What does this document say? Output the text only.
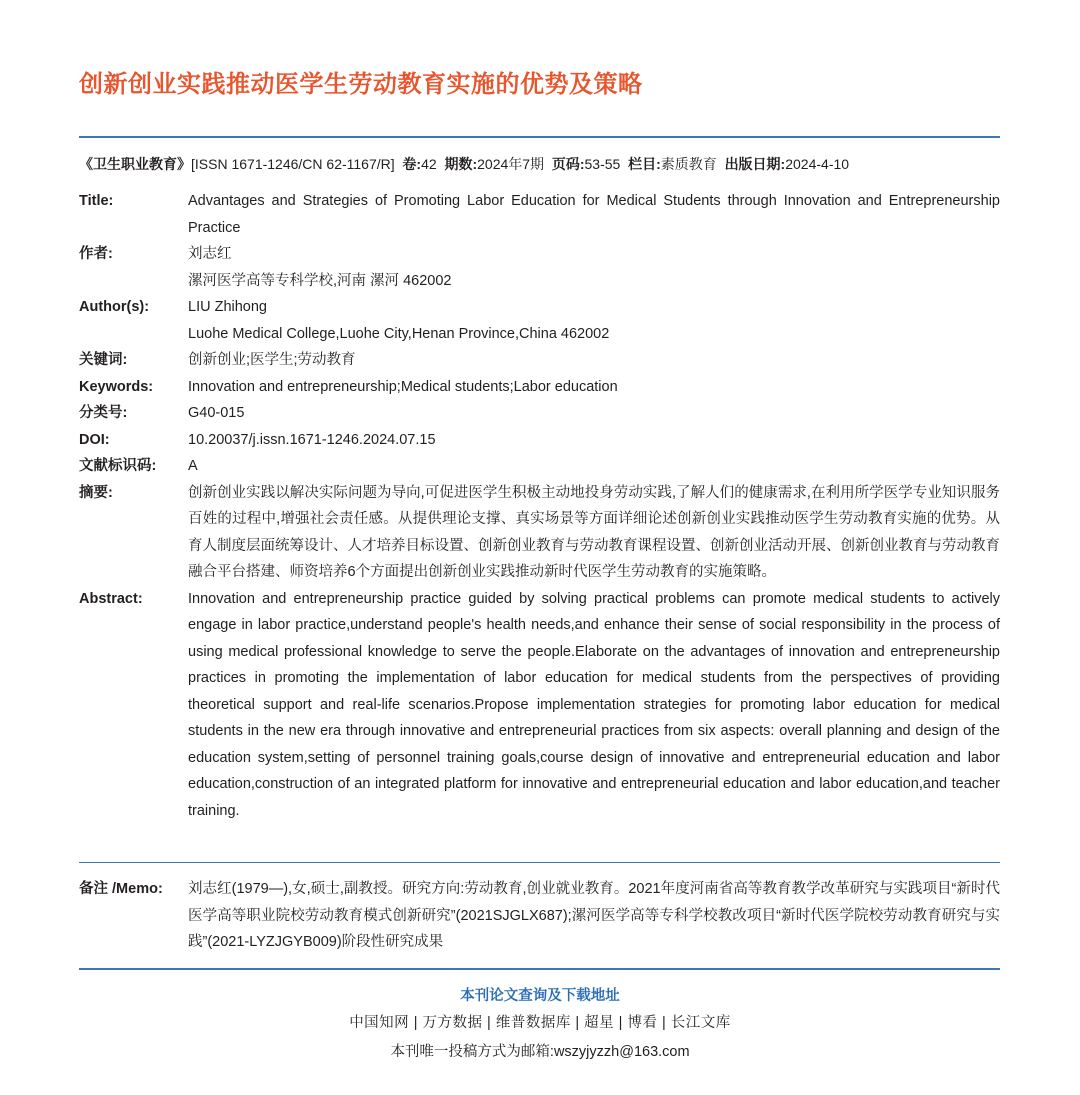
创新创业实践推动医学生劳动教育实施的优势及策略
《卫生职业教育》[ISSN 1671-1246/CN 62-1167/R] 卷:42 期数:2024年7期 页码:53-55 栏目:素质教育 出版日期:2024-4-10
Title:	Advantages and Strategies of Promoting Labor Education for Medical Students through Innovation and Entrepreneurship Practice
作者:	刘志红
漯河医学高等专科学校,河南 漯河 462002
Author(s):	LIU Zhihong
Luohe Medical College,Luohe City,Henan Province,China 462002
关键词:	创新创业;医学生;劳动教育
Keywords:	Innovation and entrepreneurship;Medical students;Labor education
分类号:	G40-015
DOI:	10.20037/j.issn.1671-1246.2024.07.15
文献标识码:	A
摘要:	创新创业实践以解决实际问题为导向,可促进医学生积极主动地投身劳动实践,了解人们的健康需求,在利用所学医学专业知识服务百姓的过程中,增强社会责任感。从提供理论支撑、真实场景等方面详细论述创新创业实践推动医学生劳动教育实施的优势。从育人制度层面统筹设计、人才培养目标设置、创新创业教育与劳动教育课程设置、创新创业活动开展、创新创业教育与劳动教育融合平台搭建、师资培养6个方面提出创新创业实践推动新时代医学生劳动教育的实施策略。
Abstract:	Innovation and entrepreneurship practice guided by solving practical problems can promote medical students to actively engage in labor practice,understand people's health needs,and enhance their sense of social responsibility in the process of using medical professional knowledge to serve the people.Elaborate on the advantages of innovation and entrepreneurship practices in promoting the implementation of labor education for medical students from the perspectives of providing theoretical support and real-life scenarios.Propose implementation strategies for promoting labor education for medical students in the new era through innovative and entrepreneurial practices from six aspects: overall planning and design of the education system,setting of personnel training goals,course design of innovative and entrepreneurial education and labor education,construction of an integrated platform for innovative and entrepreneurial education and labor education,and teacher training.
备注 /Memo:	刘志红(1979—),女,硕士,副教授。研究方向:劳动教育,创业就业教育。2021年度河南省高等教育教学改革研究与实践项目“新时代医学高等职业院校劳动教育模式创新研究”(2021SJGLX687);漯河医学高等专科学校教改项目“新时代医学院校劳动教育研究与实践”(2021-LYZJGYB009)阶段性研究成果
本刊论文查询及下载地址
中国知网 | 万方数据 | 维普数据库 | 超星 | 博看 | 长江文库
本刊唯一投稿方式为邮箱:wszyjyzzh@163.com
